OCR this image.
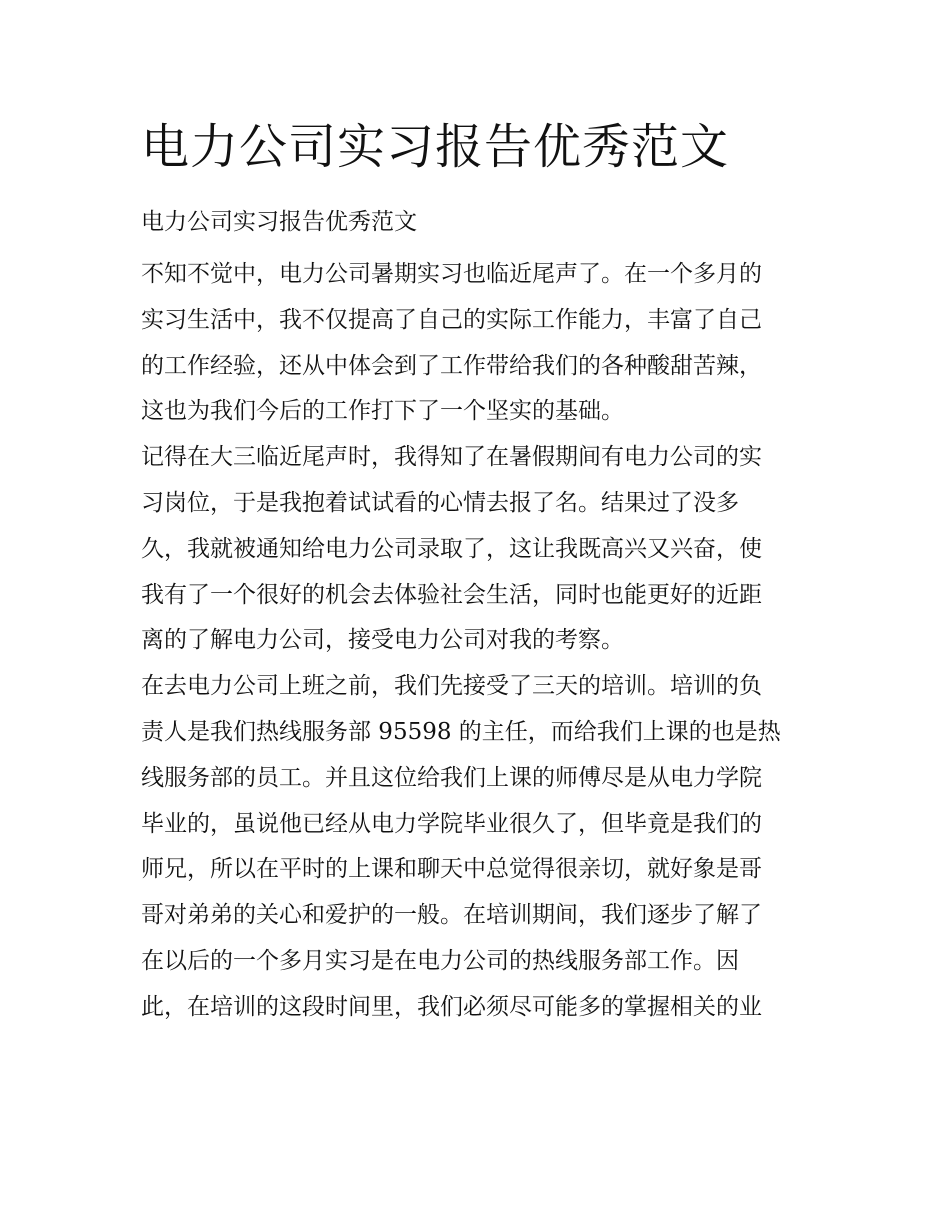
电力公司实习报告优秀范文
电力公司实习报告优秀范文

不知不觉中，电力公司暑期实习也临近尾声了。在一个多月的
实习生活中，我不仅提高了自己的实际工作能力，丰富了自己
的工作经验，还从中体会到了工作带给我们的各种酸甜苦辣，
这也为我们今后的工作打下了一个坚实的基础。

记得在大三临近尾声时，我得知了在暑假期间有电力公司的实
习岗位，于是我抱着试试看的心情去报了名。结果过了没多
久，我就被通知给电力公司录取了，这让我既高兴又兴奋，使
我有了一个很好的机会去体验社会生活，同时也能更好的近距
离的了解电力公司，接受电力公司对我的考察。

在去电力公司上班之前，我们先接受了三天的培训。培训的负
责人是我们热线服务部 95598 的主任，而给我们上课的也是热
线服务部的员工。并且这位给我们上课的师傅尽是从电力学院
毕业的，虽说他已经从电力学院毕业很久了，但毕竟是我们的
师兄，所以在平时的上课和聊天中总觉得很亲切，就好象是哥
哥对弟弟的关心和爱护的一般。在培训期间，我们逐步了解了
在以后的一个多月实习是在电力公司的热线服务部工作。因
此，在培训的这段时间里，我们必须尽可能多的掌握相关的业
